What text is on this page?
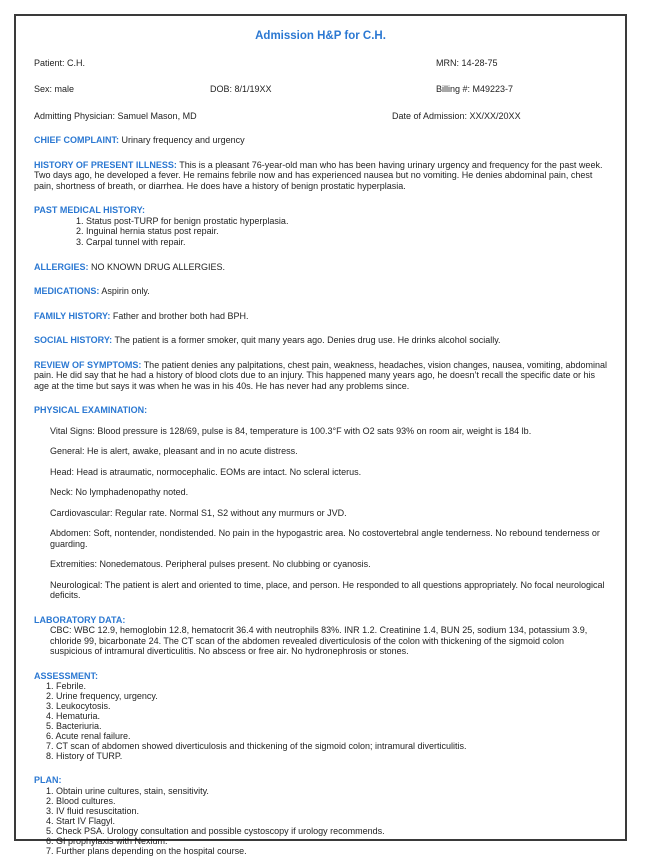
Admission H&P for C.H.
Patient: C.H.	MRN: 14-28-75
Sex: male	DOB: 8/1/19XX	Billing #: M49223-7
Admitting Physician: Samuel Mason, MD	Date of Admission: XX/XX/20XX
CHIEF COMPLAINT: Urinary frequency and urgency
HISTORY OF PRESENT ILLNESS: This is a pleasant 76-year-old man who has been having urinary urgency and frequency for the past week. Two days ago, he developed a fever. He remains febrile now and has experienced nausea but no vomiting. He denies abdominal pain, chest pain, shortness of breath, or diarrhea. He does have a history of benign prostatic hyperplasia.
PAST MEDICAL HISTORY:
1. Status post-TURP for benign prostatic hyperplasia.
2. Inguinal hernia status post repair.
3. Carpal tunnel with repair.
ALLERGIES: NO KNOWN DRUG ALLERGIES.
MEDICATIONS: Aspirin only.
FAMILY HISTORY: Father and brother both had BPH.
SOCIAL HISTORY: The patient is a former smoker, quit many years ago. Denies drug use. He drinks alcohol socially.
REVIEW OF SYMPTOMS: The patient denies any palpitations, chest pain, weakness, headaches, vision changes, nausea, vomiting, abdominal pain. He did say that he had a history of blood clots due to an injury. This happened many years ago, he doesn’t recall the specific date or his age at the time but says it was when he was in his 40s. He has never had any problems since.
PHYSICAL EXAMINATION:
Vital Signs: Blood pressure is 128/69, pulse is 84, temperature is 100.3°F with O2 sats 93% on room air, weight is 184 lb.
General: He is alert, awake, pleasant and in no acute distress.
Head: Head is atraumatic, normocephalic. EOMs are intact. No scleral icterus.
Neck: No lymphadenopathy noted.
Cardiovascular: Regular rate. Normal S1, S2 without any murmurs or JVD.
Abdomen: Soft, nontender, nondistended. No pain in the hypogastric area. No costovertebral angle tenderness. No rebound tenderness or guarding.
Extremities: Nonedematous. Peripheral pulses present. No clubbing or cyanosis.
Neurological: The patient is alert and oriented to time, place, and person. He responded to all questions appropriately. No focal neurological deficits.
LABORATORY DATA:
CBC: WBC 12.9, hemoglobin 12.8, hematocrit 36.4 with neutrophils 83%. INR 1.2. Creatinine 1.4, BUN 25, sodium 134, potassium 3.9, chloride 99, bicarbonate 24. The CT scan of the abdomen revealed diverticulosis of the colon with thickening of the sigmoid colon suspicious of intramural diverticulitis. No abscess or free air. No hydronephrosis or stones.
ASSESSMENT:
1. Febrile.
2. Urine frequency, urgency.
3. Leukocytosis.
4. Hematuria.
5. Bacteriuria.
6. Acute renal failure.
7. CT scan of abdomen showed diverticulosis and thickening of the sigmoid colon; intramural diverticulitis.
8. History of TURP.
PLAN:
1. Obtain urine cultures, stain, sensitivity.
2. Blood cultures.
3. IV fluid resuscitation.
4. Start IV Flagyl.
5. Check PSA. Urology consultation and possible cystoscopy if urology recommends.
6. GI prophylaxis with Nexium.
7. Further plans depending on the hospital course.
